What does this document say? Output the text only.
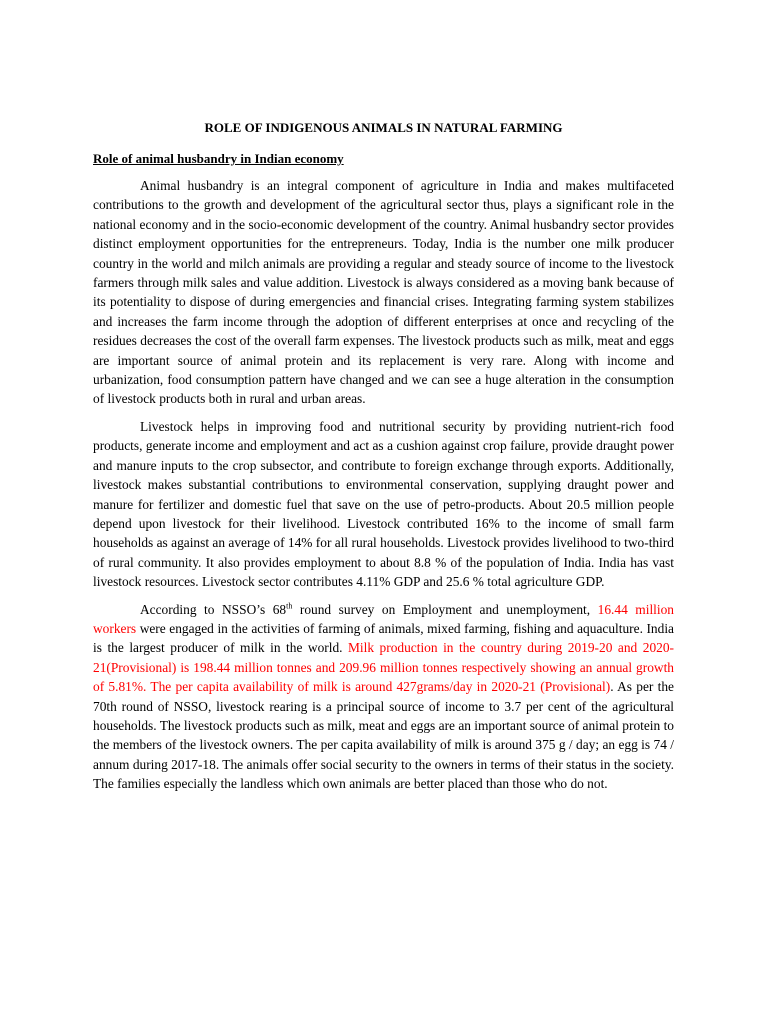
ROLE OF INDIGENOUS ANIMALS IN NATURAL FARMING
Role of animal husbandry in Indian economy

Animal husbandry is an integral component of agriculture in India and makes multifaceted contributions to the growth and development of the agricultural sector thus, plays a significant role in the national economy and in the socio-economic development of the country. Animal husbandry sector provides distinct employment opportunities for the entrepreneurs. Today, India is the number one milk producer country in the world and milch animals are providing a regular and steady source of income to the livestock farmers through milk sales and value addition. Livestock is always considered as a moving bank because of its potentiality to dispose of during emergencies and financial crises. Integrating farming system stabilizes and increases the farm income through the adoption of different enterprises at once and recycling of the residues decreases the cost of the overall farm expenses. The livestock products such as milk, meat and eggs are important source of animal protein and its replacement is very rare. Along with income and urbanization, food consumption pattern have changed and we can see a huge alteration in the consumption of livestock products both in rural and urban areas.

Livestock helps in improving food and nutritional security by providing nutrient-rich food products, generate income and employment and act as a cushion against crop failure, provide draught power and manure inputs to the crop subsector, and contribute to foreign exchange through exports. Additionally, livestock makes substantial contributions to environmental conservation, supplying draught power and manure for fertilizer and domestic fuel that save on the use of petro-products. About 20.5 million people depend upon livestock for their livelihood. Livestock contributed 16% to the income of small farm households as against an average of 14% for all rural households. Livestock provides livelihood to two-third of rural community. It also provides employment to about 8.8 % of the population of India. India has vast livestock resources. Livestock sector contributes 4.11% GDP and 25.6 % total agriculture GDP.

According to NSSO’s 68th round survey on Employment and unemployment, 16.44 million workers were engaged in the activities of farming of animals, mixed farming, fishing and aquaculture. India is the largest producer of milk in the world. Milk production in the country during 2019-20 and 2020-21(Provisional) is 198.44 million tonnes and 209.96 million tonnes respectively showing an annual growth of 5.81%. The per capita availability of milk is around 427grams/day in 2020-21 (Provisional). As per the 70th round of NSSO, livestock rearing is a principal source of income to 3.7 per cent of the agricultural households. The livestock products such as milk, meat and eggs are an important source of animal protein to the members of the livestock owners. The per capita availability of milk is around 375 g / day; an egg is 74 / annum during 2017-18. The animals offer social security to the owners in terms of their status in the society. The families especially the landless which own animals are better placed than those who do not.
